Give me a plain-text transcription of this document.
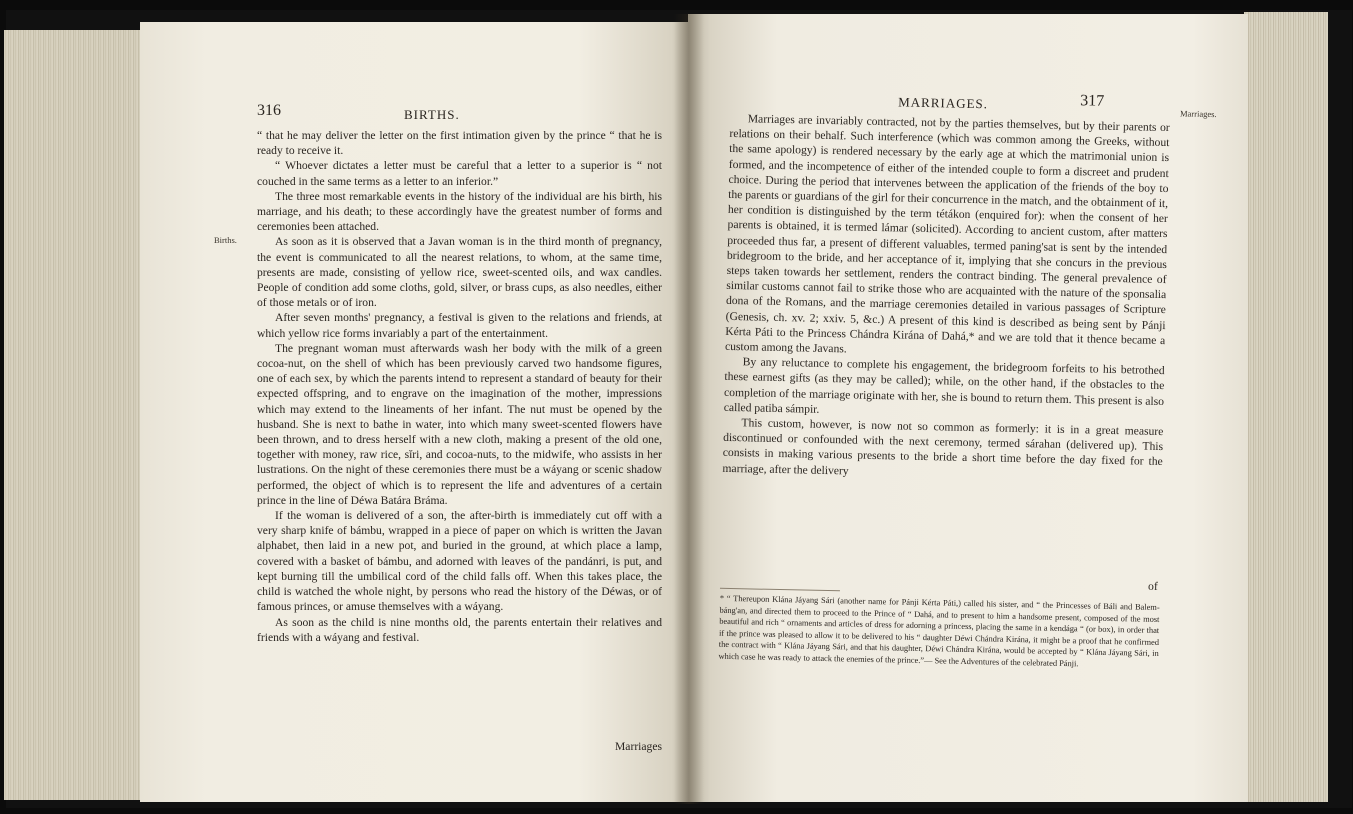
316	BIRTHS.
Births.

“ that he may deliver the letter on the first intimation given by the prince “ that he is ready to receive it.

“ Whoever dictates a letter must be careful that a letter to a superior is “ not couched in the same terms as a letter to an inferior.”

The three most remarkable events in the history of the individual are his birth, his marriage, and his death; to these accordingly have the greatest number of forms and ceremonies been attached.

As soon as it is observed that a Javan woman is in the third month of pregnancy, the event is communicated to all the nearest relations, to whom, at the same time, presents are made, consisting of yellow rice, sweet-scented oils, and wax candles. People of condition add some cloths, gold, silver, or brass cups, as also needles, either of those metals or of iron.

After seven months' pregnancy, a festival is given to the relations and friends, at which yellow rice forms invariably a part of the entertainment.

The pregnant woman must afterwards wash her body with the milk of a green cocoa-nut, on the shell of which has been previously carved two handsome figures, one of each sex, by which the parents intend to represent a standard of beauty for their expected offspring, and to engrave on the imagination of the mother, impressions which may extend to the lineaments of her infant. The nut must be opened by the husband. She is next to bathe in water, into which many sweet-scented flowers have been thrown, and to dress herself with a new cloth, making a present of the old one, together with money, raw rice, sĭri, and cocoa-nuts, to the midwife, who assists in her lustrations. On the night of these ceremonies there must be a wáyang or scenic shadow performed, the object of which is to represent the life and adventures of a certain prince in the line of Déwa Batára Bráma.

If the woman is delivered of a son, the after-birth is immediately cut off with a very sharp knife of bámbu, wrapped in a piece of paper on which is written the Javan alphabet, then laid in a new pot, and buried in the ground, at which place a lamp, covered with a basket of bámbu, and adorned with leaves of the pandánri, is put, and kept burning till the umbilical cord of the child falls off. When this takes place, the child is watched the whole night, by persons who read the history of the Déwas, or of famous princes, or amuse themselves with a wáyang.

As soon as the child is nine months old, the parents entertain their relatives and friends with a wáyang and festival.

Marriages
MARRIAGES.	317
Marriages.

Marriages are invariably contracted, not by the parties themselves, but by their parents or relations on their behalf. Such interference (which was common among the Greeks, without the same apology) is rendered necessary by the early age at which the matrimonial union is formed, and the incompetence of either of the intended couple to form a discreet and prudent choice. During the period that intervenes between the application of the friends of the boy to the parents or guardians of the girl for their concurrence in the match, and the obtainment of it, her condition is distinguished by the term tétákon (enquired for): when the consent of her parents is obtained, it is termed lámar (solicited). According to ancient custom, after matters proceeded thus far, a present of different valuables, termed paning'sat is sent by the intended bridegroom to the bride, and her acceptance of it, implying that she concurs in the previous steps taken towards her settlement, renders the contract binding. The general prevalence of similar customs cannot fail to strike those who are acquainted with the nature of the sponsalia dona of the Romans, and the marriage ceremonies detailed in various passages of Scripture (Genesis, ch. xv. 2; xxiv. 5, &c.) A present of this kind is described as being sent by Pánji Kérta Páti to the Princess Chándra Kirána of Dahá,* and we are told that it thence became a custom among the Javans.

By any reluctance to complete his engagement, the bridegroom forfeits to his betrothed these earnest gifts (as they may be called); while, on the other hand, if the obstacles to the completion of the marriage originate with her, she is bound to return them. This present is also called patiba sámpir.

This custom, however, is now not so common as formerly: it is in a great measure discontinued or confounded with the next ceremony, termed sárahan (delivered up). This consists in making various presents to the bride a short time before the day fixed for the marriage, after the delivery

of

* “ Thereupon Klána Jáyang Sári (another name for Pánji Kérta Páti,) called his sister, and “ the Princesses of Báli and Balem-báng'an, and directed them to proceed to the Prince of “ Dahá, and to present to him a handsome present, composed of the most beautiful and rich “ ornaments and articles of dress for adorning a princess, placing the same in a kendága “ (or box), in order that if the prince was pleased to allow it to be delivered to his “ daughter Déwi Chándra Kirána, it might be a proof that he confirmed the contract with “ Klána Jáyang Sári, and that his daughter, Déwi Chándra Kirána, would be accepted by “ Klána Jáyang Sári, in which case he was ready to attack the enemies of the prince.”— See the Adventures of the celebrated Pánji.
